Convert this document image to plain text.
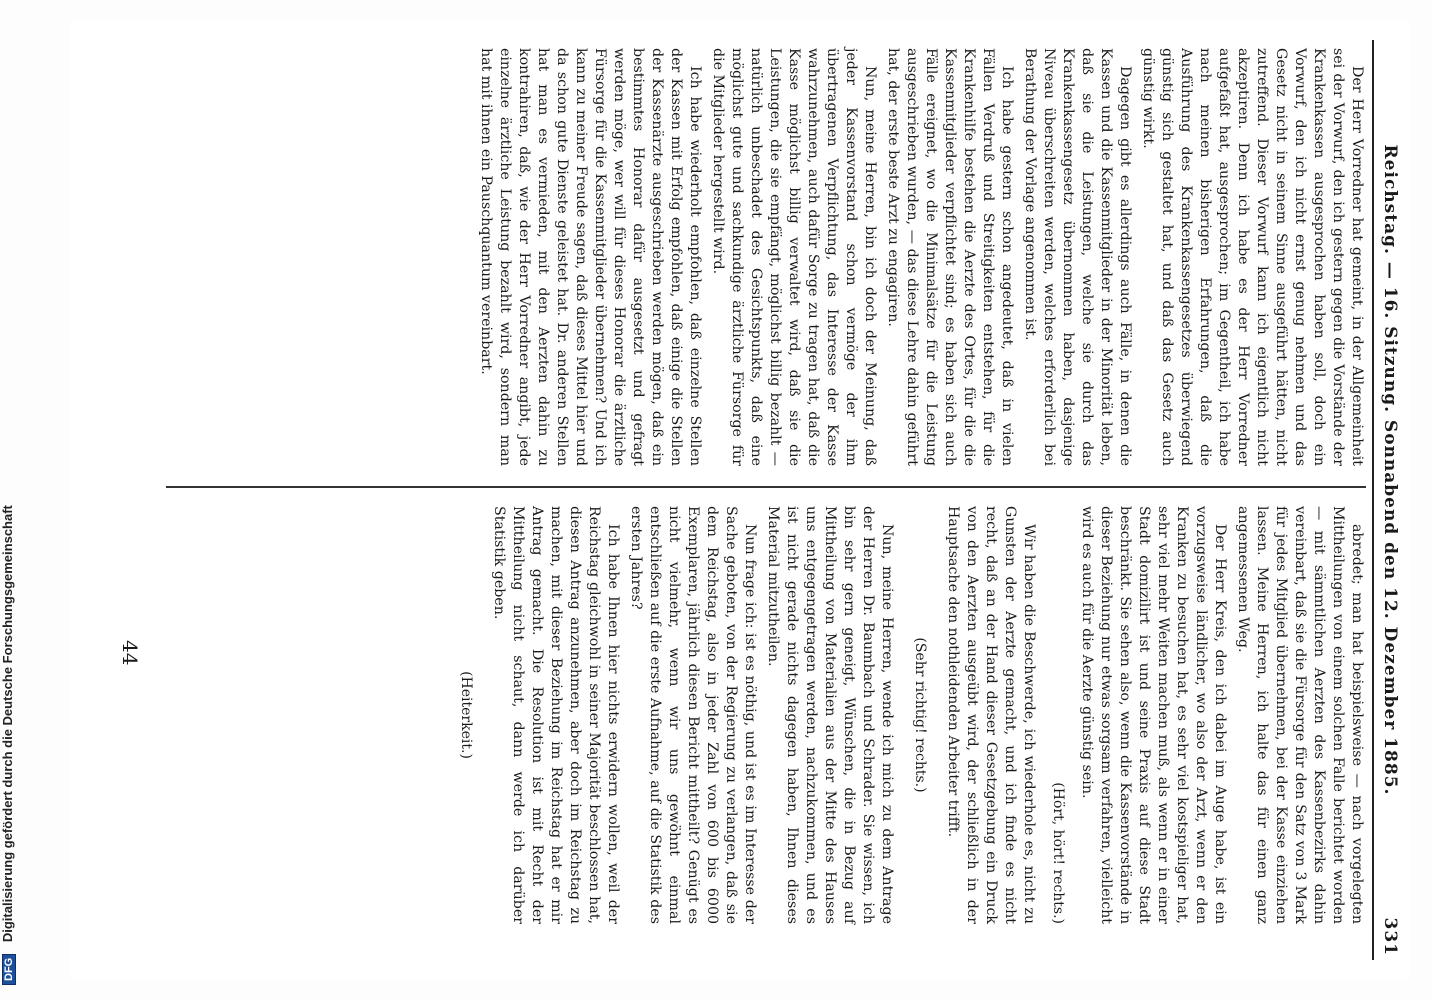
DFG Digitalisierung gefördert durch die Deutsche Forschungsgemeinschaft	Reichstag. — 16. Sitzung. Sonnabend den 12. Dezember 1885.
331

Der Herr Vorredner hat gemeint, in der Allgemeinheit sei der Vorwurf, den ich gestern gegen die Vorstände der Krankenkassen ausgesprochen haben soll, doch ein Vorwurf, den ich nicht ernst genug nehmen und das Gesetz nicht in seinem Sinne ausgeführt hätten, nicht zutreffend. Dieser Vorwurf kann ich eigentlich nicht akzeptiren. Denn ich habe es der Herr Vorredner aufgefaßt hat, ausgesprochen; im Gegentheil, ich habe nach meinen bisherigen Erfahrungen, daß die Ausführung des Krankenkassengesetzes überwiegend günstig sich gestaltet hat, und daß das Gesetz auch günstig wirkt.

Dagegen gibt es allerdings auch Fälle, in denen die Kassen und die Kassenmitglieder in der Minorität leben, daß sie die Leistungen, welche sie durch das Krankenkassengesetz übernommen haben, dasjenige Niveau überschreiten werden, welches erforderlich bei Berathung der Vorlage angenommen ist.

Ich habe gestern schon angedeutet, daß in vielen Fällen Verdruß und Streitigkeiten entstehen, für die Krankenhilfe bestehen die Aerzte des Ortes, für die die Kassenmitglieder verpflichtet sind; es haben sich auch Fälle ereignet, wo die Minimalsätze für die Leistung ausgeschrieben wurden, — das diese Lehre dahin geführt hat, der erste beste Arzt zu engagiren.

Nun, meine Herren, bin ich doch der Meinung, daß jeder Kassenvorstand schon vermöge der ihm übertragenen Verpflichtung, das Interesse der Kasse wahrzunehmen, auch dafür Sorge zu tragen hat, daß die Kasse möglichst billig verwaltet wird, daß sie die Leistungen, die sie empfängt, möglichst billig bezahlt — natürlich unbeschadet des Gesichtspunkts, daß eine möglichst gute und sachkundige ärztliche Fürsorge für die Mitglieder hergestellt wird.

Ich habe wiederholt empfohlen, daß einzelne Stellen der Kassen mit Erfolg empfohlen, daß einige die Stellen der Kassenärzte ausgeschrieben werden mögen, daß ein bestimmtes Honorar dafür ausgesetzt und gefragt werden möge, wer will für dieses Honorar die ärztliche Fürsorge für die Kassenmitglieder übernehmen? Und ich kann zu meiner Freude sagen, daß dieses Mittel hier und da schon gute Dienste geleistet hat. Dr. anderen Stellen hat man es vermieden, mit den Aerzten dahin zu kontrahiren, daß, wie der Herr Vorredner angibt, jede einzelne ärztliche Leistung bezahlt wird, sondern man hat mit ihnen ein Pauschquantum vereinbart.

abredet; man hat beispielsweise — nach vorgelegten Mittheilungen von einem solchen Falle berichtet worden — mit sämmtlichen Aerzten des Kassenbezirks dahin vereinbart, daß sie die Fürsorge für den Satz von 3 Mark für jedes Mitglied übernehmen, bei der Kasse einziehen lassen. Meine Herren, ich halte das für einen ganz angemessenen Weg.

Der Herr Kreis, den ich dabei im Auge habe, ist ein vorzugsweise ländlicher, wo also der Arzt, wenn er den Kranken zu besuchen hat, es sehr viel kostspieliger hat, sehr viel mehr Weiten machen muß, als wenn er in einer Stadt domizilirt ist und seine Praxis auf diese Stadt beschränkt. Sie sehen also, wenn die Kassenvorstände in dieser Beziehung nur etwas sorgsam verfahren, vielleicht wird es auch für die Aerzte günstig sein.

(Hört, hört! rechts.)

Wir haben die Beschwerde, ich wiederhole es, nicht zu Gunsten der Aerzte gemacht, und ich finde es nicht recht, daß an der Hand dieser Gesetzgebung ein Druck von den Aerzten ausgeübt wird, der schließlich in der Hauptsache den nothleidenden Arbeiter trifft.

(Sehr richtig! rechts.)

Nun, meine Herren, wende ich mich zu dem Antrage der Herren Dr. Baumbach und Schrader. Sie wissen, ich bin sehr gern geneigt, Wünschen, die in Bezug auf Mittheilung von Materialien aus der Mitte des Hauses uns entgegengetragen werden, nachzukommen, und es ist nicht gerade nichts dagegen haben, Ihnen dieses Material mitzutheilen.

Nun frage ich: ist es nöthig, und ist es im Interesse der Sache geboten, von der Regierung zu verlangen, daß sie dem Reichstag, also in jeder Zahl von 600 bis 6000 Exemplaren, jährlich diesen Bericht mittheilt? Genügt es nicht vielmehr, wenn wir uns gewöhnt einmal entschließen auf die erste Aufnahme, auf die Statistik des ersten Jahres?

Ich habe Ihnen hier nichts erwidern wollen, weil der Reichstag gleichwohl in seiner Majorität beschlossen hat, diesen Antrag anzunehmen, aber doch im Reichstag zu machen, mit dieser Beziehung im Reichstag hat er mir Antrag gemacht. Die Resolution ist mit Recht der Mittheilung nicht schaut, dann werde ich darüber Statistik geben.

(Heiterkeit.)

44
